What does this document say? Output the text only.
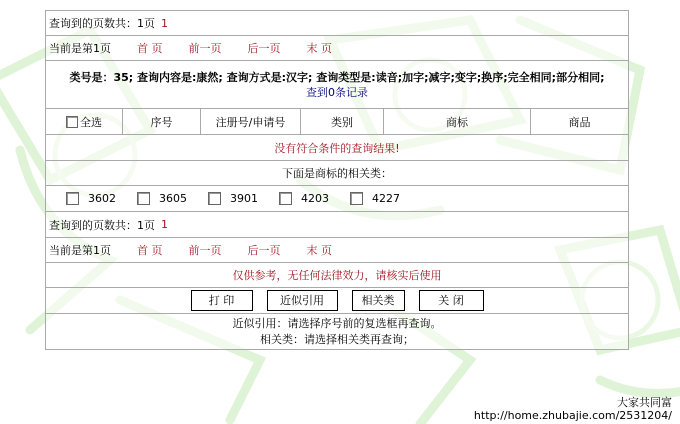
查询到的页数共： 1页 1
当前是第1页 首 页 前一页 后一页 末 页
类号是：35; 查询内容是:康然; 查询方式是:汉字; 查询类型是:读音;加字;减字;变字;换序;完全相同;部分相同;
查到0条记录
全选	序号	注册号/申请号	类别	商标	商品
没有符合条件的查询结果!
下面是商标的相关类：
3602	3605	3901	4203	4227
查询到的页数共： 1页 1
当前是第1页 首 页 前一页 后一页 末 页
仅供参考，无任何法律效力，请核实后使用
打 印	近似引用	相关类	关 闭
近似引用：请选择序号前的复选框再查询。
相关类：请选择相关类再查询；
大家共同富
http://home.zhubajie.com/2531204/
